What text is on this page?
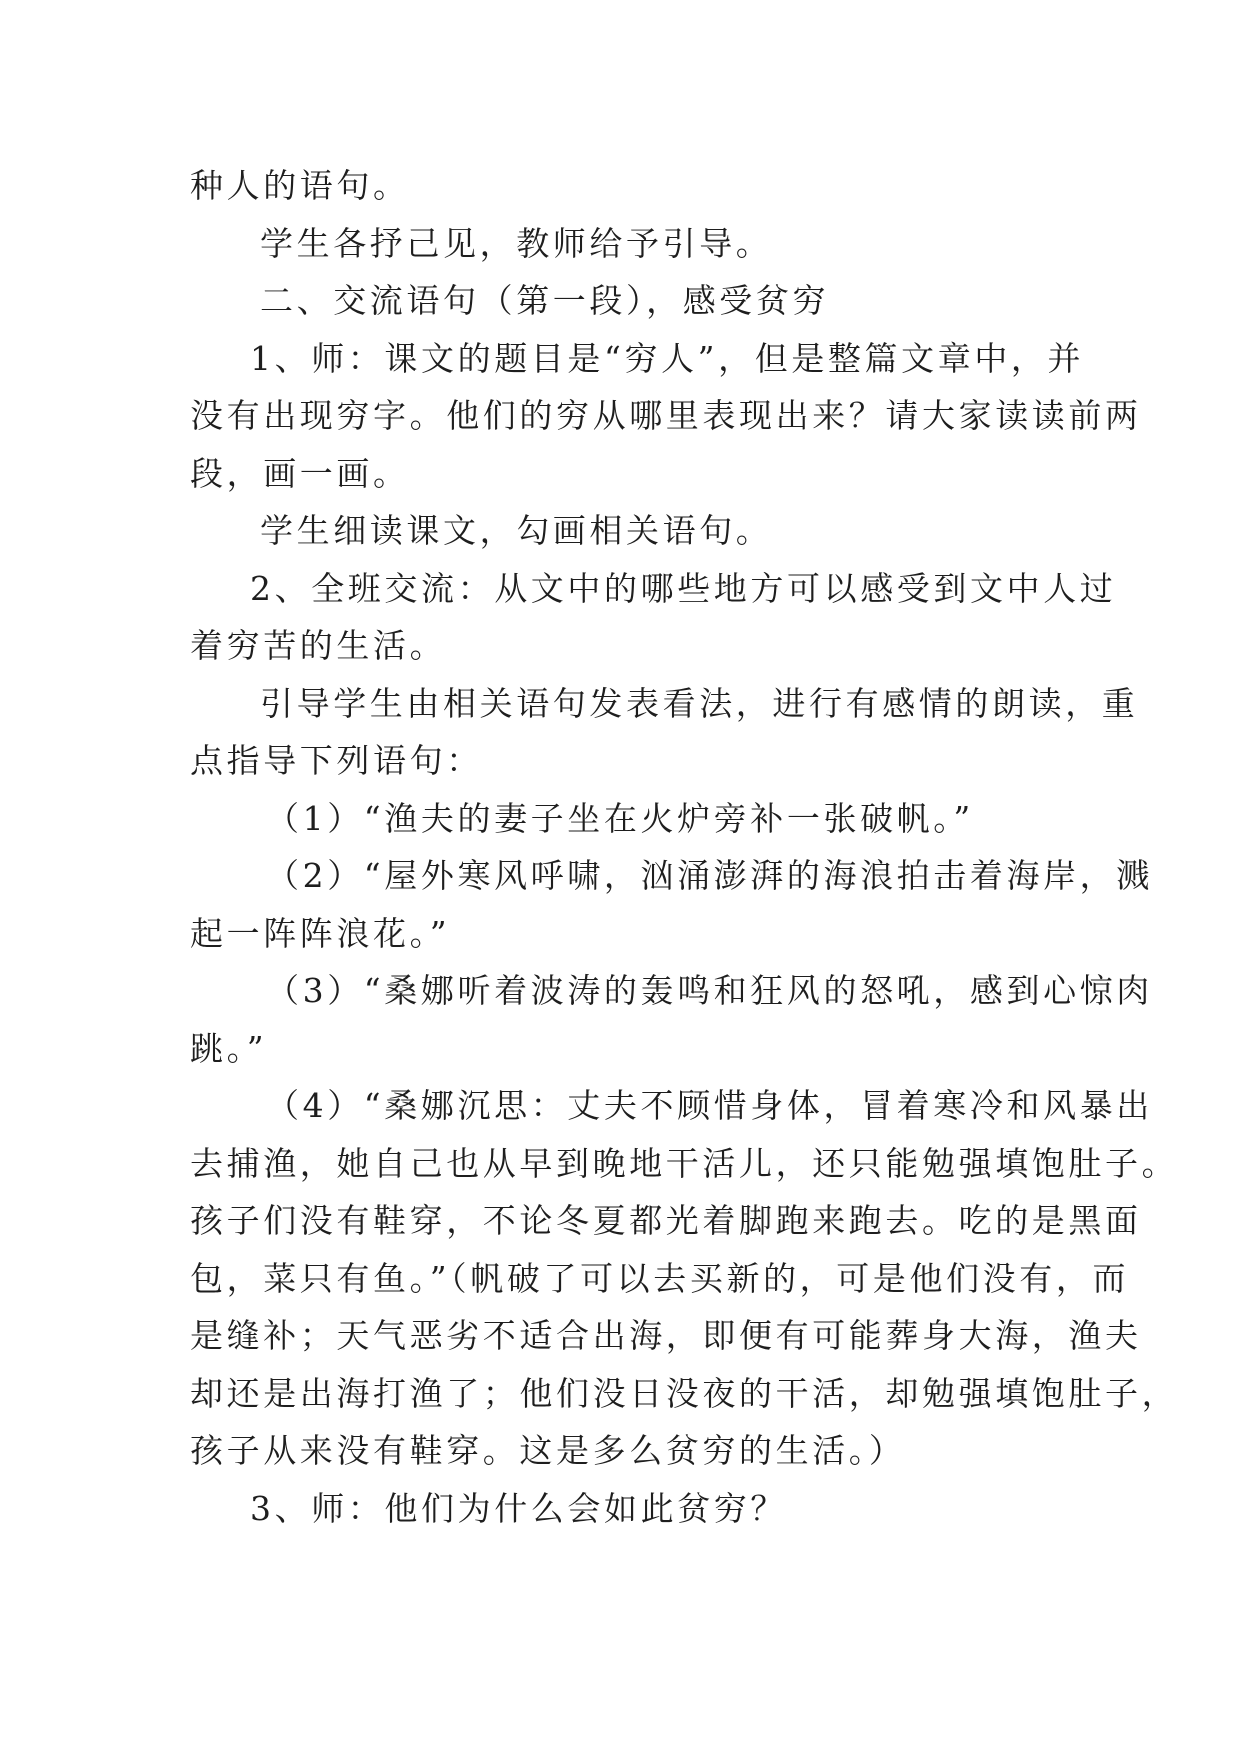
种人的语句。
学生各抒己见，教师给予引导。
二、交流语句（第一段），感受贫穷
1、师：课文的题目是“穷人”，但是整篇文章中，并
没有出现穷字。他们的穷从哪里表现出来？请大家读读前两
段，画一画。
学生细读课文，勾画相关语句。
2、全班交流：从文中的哪些地方可以感受到文中人过
着穷苦的生活。
引导学生由相关语句发表看法，进行有感情的朗读，重
点指导下列语句：
（1）“渔夫的妻子坐在火炉旁补一张破帆。”
（2）“屋外寒风呼啸，汹涌澎湃的海浪拍击着海岸，溅
起一阵阵浪花。”
（3）“桑娜听着波涛的轰鸣和狂风的怒吼，感到心惊肉
跳。”
（4）“桑娜沉思：丈夫不顾惜身体，冒着寒冷和风暴出
去捕渔，她自己也从早到晚地干活儿，还只能勉强填饱肚子。
孩子们没有鞋穿，不论冬夏都光着脚跑来跑去。吃的是黑面
包，菜只有鱼。”（帆破了可以去买新的，可是他们没有，而
是缝补；天气恶劣不适合出海，即便有可能葬身大海，渔夫
却还是出海打渔了；他们没日没夜的干活，却勉强填饱肚子，
孩子从来没有鞋穿。这是多么贫穷的生活。）
3、师：他们为什么会如此贫穷？
